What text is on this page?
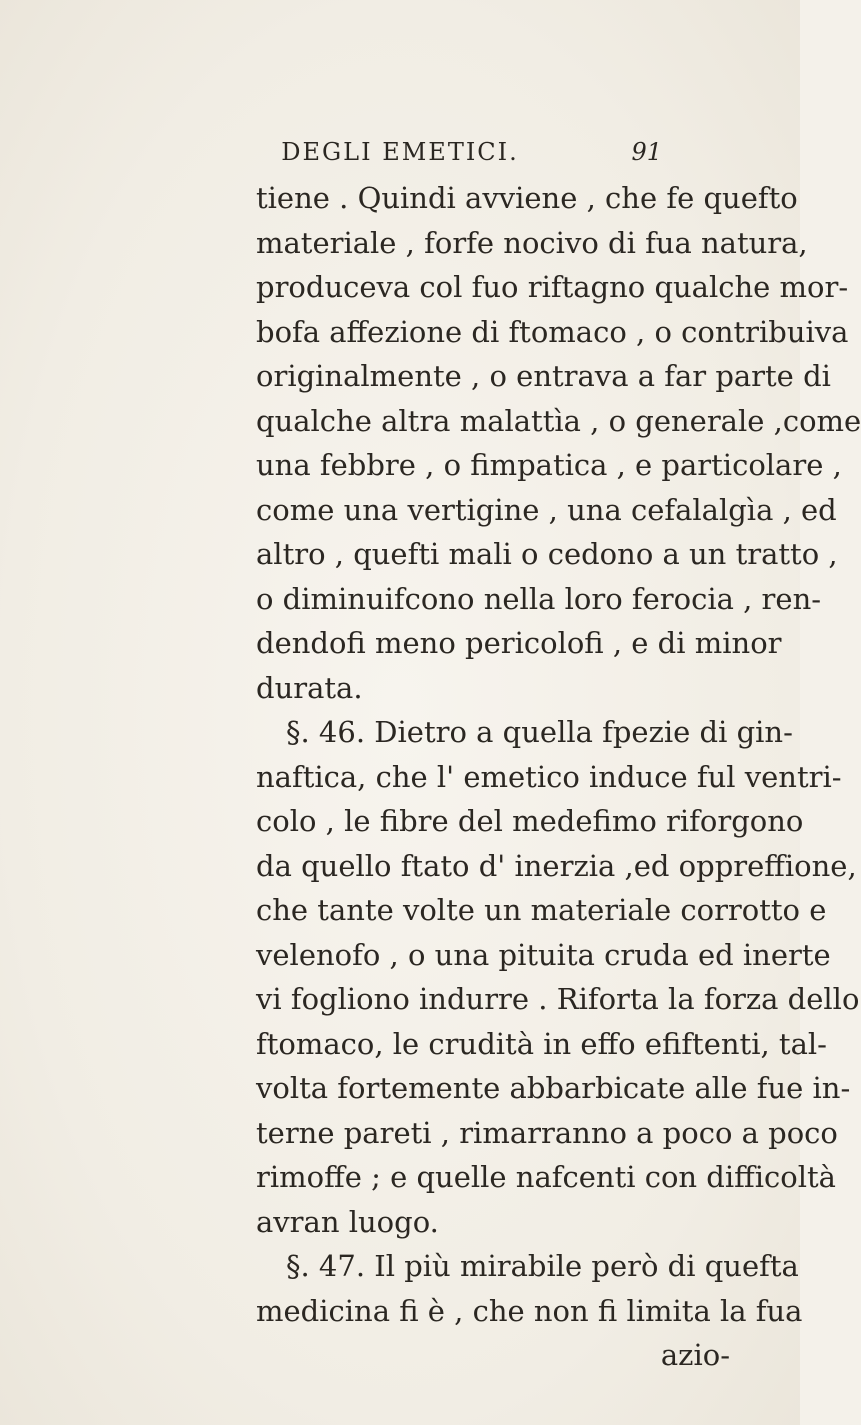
DEGLI EMETICI.	91
tiene . Quindi avviene , che fe quefto
materiale , forfe nocivo di fua natura,
produceva col fuo riftagno qualche mor-
bofa affezione di ftomaco , o contribuiva
originalmente , o entrava a far parte di
qualche altra malattìa , o generale ,come
una febbre , o fimpatica , e particolare ,
come una vertigine , una cefalalgìa , ed
altro , quefti mali o cedono a un tratto ,
o diminuifcono nella loro ferocia , ren-
dendofi meno pericolofi , e di minor
durata.
§. 46. Dietro a quella fpezie di gin-
naftica, che l' emetico induce ful ventri-
colo , le fibre del medefimo riforgono
da quello ftato d' inerzia ,ed oppreffione,
che tante volte un materiale corrotto e
velenofo , o una pituita cruda ed inerte
vi fogliono indurre . Riforta la forza dello
ftomaco, le crudità in effo efiftenti, tal-
volta fortemente abbarbicate alle fue in-
terne pareti , rimarranno a poco a poco
rimoffe ; e quelle nafcenti con difficoltà
avran luogo.
§. 47. Il più mirabile però di quefta
medicina fi è , che non fi limita la fua
azio-
